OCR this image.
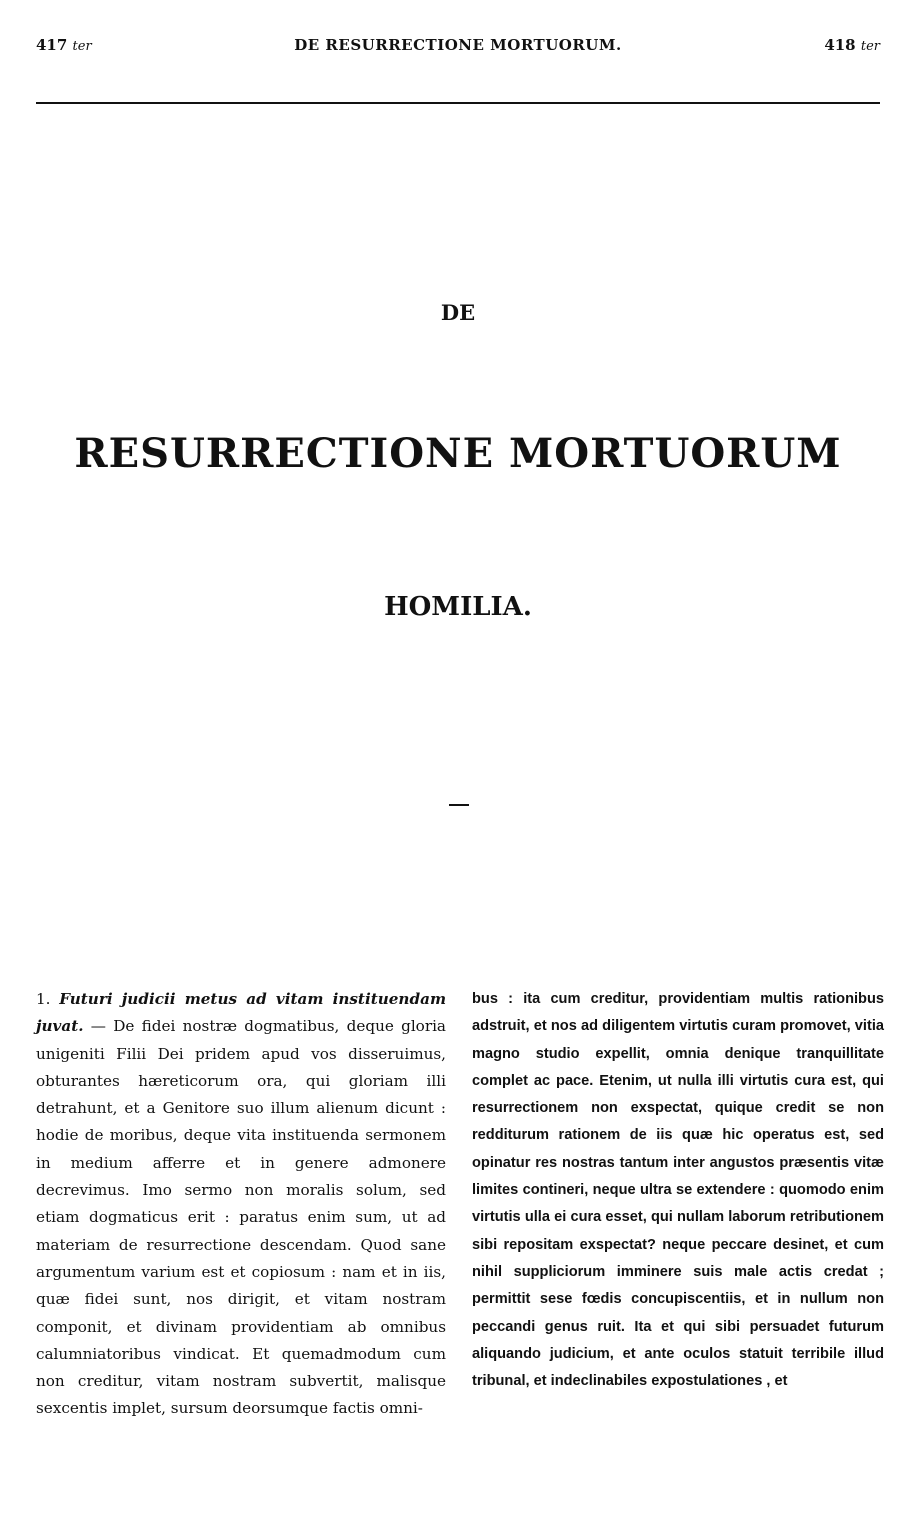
417 ter	DE RESURRECTIONE MORTUORUM.	418 ter
DE
RESURRECTIONE MORTUORUM
HOMILIA.

1. Futuri judicii metus ad vitam instituendam juvat. — De fidei nostræ dogmatibus, deque gloria unigeniti Filii Dei pridem apud vos disseruimus, obturantes hæreticorum ora, qui gloriam illi detrahunt, et a Genitore suo illum alienum dicunt : hodie de moribus, deque vita instituenda sermonem in medium afferre et in genere admonere decrevimus. Imo sermo non moralis solum, sed etiam dogmaticus erit : paratus enim sum, ut ad materiam de resurrectione descendam. Quod sane argumentum varium est et copiosum : nam et in iis, quæ fidei sunt, nos dirigit, et vitam nostram componit, et divinam providentiam ab omnibus calumniatoribus vindicat. Et quemadmodum cum non creditur, vitam nostram subvertit, malisque sexcentis implet, sursum deorsumque factis omni-

bus : ita cum creditur, providentiam multis rationibus adstruit, et nos ad diligentem virtutis curam promovet, vitia magno studio expellit, omnia denique tranquillitate complet ac pace. Etenim, ut nulla illi virtutis cura est, qui resurrectionem non exspectat, quique credit se non redditurum rationem de iis quæ hic operatus est, sed opinatur res nostras tantum inter angustos præsentis vitæ limites contineri, neque ultra se extendere : quomodo enim virtutis ulla ei cura esset, qui nullam laborum retributionem sibi repositam exspectat? neque peccare desinet, et cum nihil suppliciorum imminere suis male actis credat ; permittit sese fœdis concupiscentiis, et in nullum non peccandi genus ruit. Ita et qui sibi persuadet futurum aliquando judicium, et ante oculos statuit terribile illud tribunal, et indeclinabiles expostulationes , et
